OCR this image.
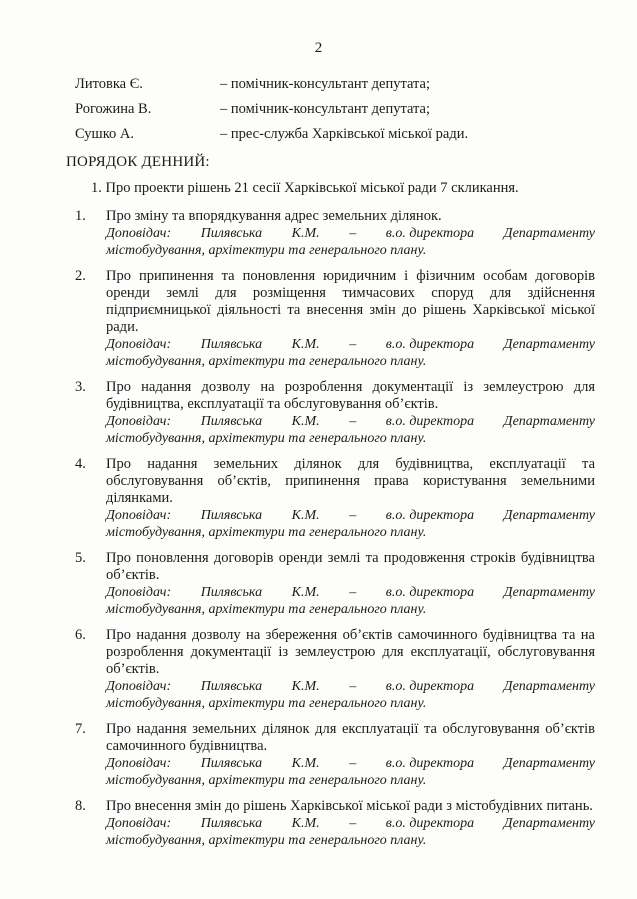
2
Литовка Є.	– помічник-консультант депутата;
Рогожина В.	– помічник-консультант депутата;
Сушко А.	– прес-служба Харківської міської ради.
ПОРЯДОК ДЕННИЙ:
1. Про проекти рішень 21 сесії Харківської міської ради 7 скликання.
1.	Про зміну та впорядкування адрес земельних ділянок.
Доповідач: Пилявська К.М. – в.о. директора Департаменту
містобудування, архітектури та генерального плану.
2.	Про припинення та поновлення юридичним і фізичним особам договорів оренди землі для розміщення тимчасових споруд для здійснення підприємницької діяльності та внесення змін до рішень Харківської міської ради.
Доповідач: Пилявська К.М. – в.о. директора Департаменту
містобудування, архітектури та генерального плану.
3.	Про надання дозволу на розроблення документації із землеустрою для будівництва, експлуатації та обслуговування об’єктів.
Доповідач: Пилявська К.М. – в.о. директора Департаменту
містобудування, архітектури та генерального плану.
4.	Про надання земельних ділянок для будівництва, експлуатації та обслуговування об’єктів, припинення права користування земельними ділянками.
Доповідач: Пилявська К.М. – в.о. директора Департаменту
містобудування, архітектури та генерального плану.
5.	Про поновлення договорів оренди землі та продовження строків будівництва об’єктів.
Доповідач: Пилявська К.М. – в.о. директора Департаменту
містобудування, архітектури та генерального плану.
6.	Про надання дозволу на збереження об’єктів самочинного будівництва та на розроблення документації із землеустрою для експлуатації, обслуговування об’єктів.
Доповідач: Пилявська К.М. – в.о. директора Департаменту
містобудування, архітектури та генерального плану.
7.	Про надання земельних ділянок для експлуатації та обслуговування об’єктів самочинного будівництва.
Доповідач: Пилявська К.М. – в.о. директора Департаменту
містобудування, архітектури та генерального плану.
8.	Про внесення змін до рішень Харківської міської ради з містобудівних питань.
Доповідач: Пилявська К.М. – в.о. директора Департаменту
містобудування, архітектури та генерального плану.
